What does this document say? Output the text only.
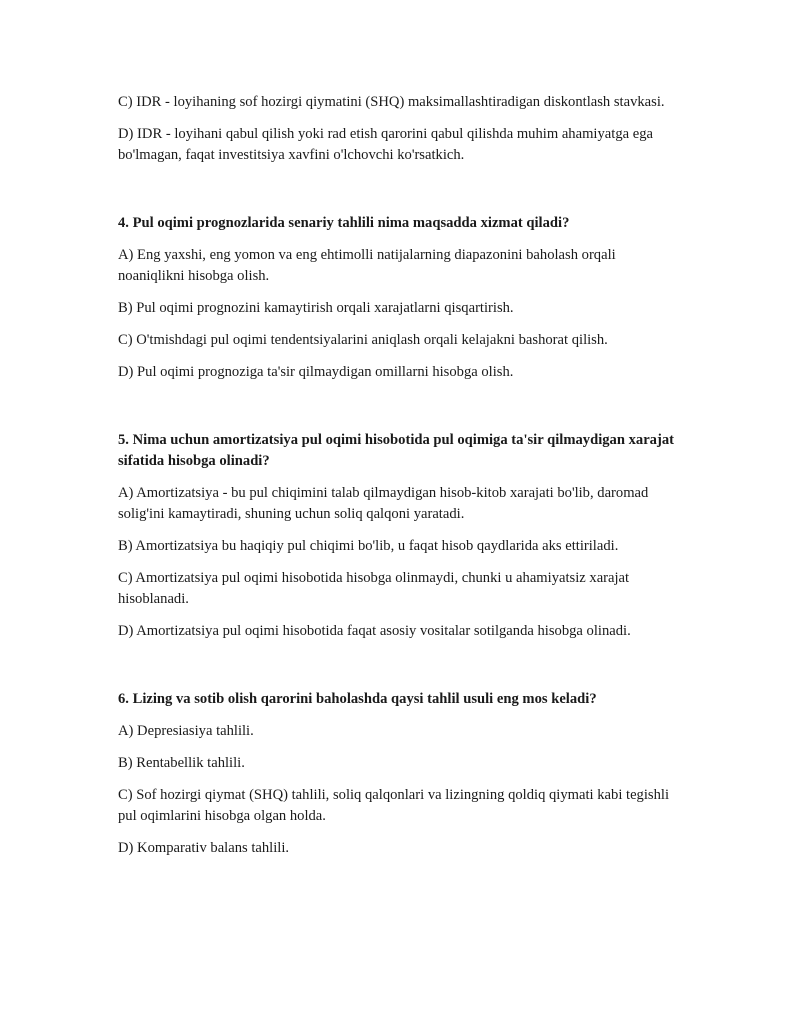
C) IDR - loyihaning sof hozirgi qiymatini (SHQ) maksimallashtiradigan diskontlash stavkasi.

D) IDR - loyihani qabul qilish yoki rad etish qarorini qabul qilishda muhim ahamiyatga ega bo'lmagan, faqat investitsiya xavfini o'lchovchi ko'rsatkich.

4. Pul oqimi prognozlarida senariy tahlili nima maqsadda xizmat qiladi?

A) Eng yaxshi, eng yomon va eng ehtimolli natijalarning diapazonini baholash orqali noaniqlikni hisobga olish.

B) Pul oqimi prognozini kamaytirish orqali xarajatlarni qisqartirish.

C) O'tmishdagi pul oqimi tendentsiyalarini aniqlash orqali kelajakni bashorat qilish.

D) Pul oqimi prognoziga ta'sir qilmaydigan omillarni hisobga olish.

5. Nima uchun amortizatsiya pul oqimi hisobotida pul oqimiga ta'sir qilmaydigan xarajat sifatida hisobga olinadi?

A) Amortizatsiya - bu pul chiqimini talab qilmaydigan hisob-kitob xarajati bo'lib, daromad solig'ini kamaytiradi, shuning uchun soliq qalqoni yaratadi.

B) Amortizatsiya bu haqiqiy pul chiqimi bo'lib, u faqat hisob qaydlarida aks ettiriladi.

C) Amortizatsiya pul oqimi hisobotida hisobga olinmaydi, chunki u ahamiyatsiz xarajat hisoblanadi.

D) Amortizatsiya pul oqimi hisobotida faqat asosiy vositalar sotilganda hisobga olinadi.

6. Lizing va sotib olish qarorini baholashda qaysi tahlil usuli eng mos keladi?

A) Depresiasiya tahlili.

B) Rentabellik tahlili.

C) Sof hozirgi qiymat (SHQ) tahlili, soliq qalqonlari va lizingning qoldiq qiymati kabi tegishli pul oqimlarini hisobga olgan holda.

D) Komparativ balans tahlili.
